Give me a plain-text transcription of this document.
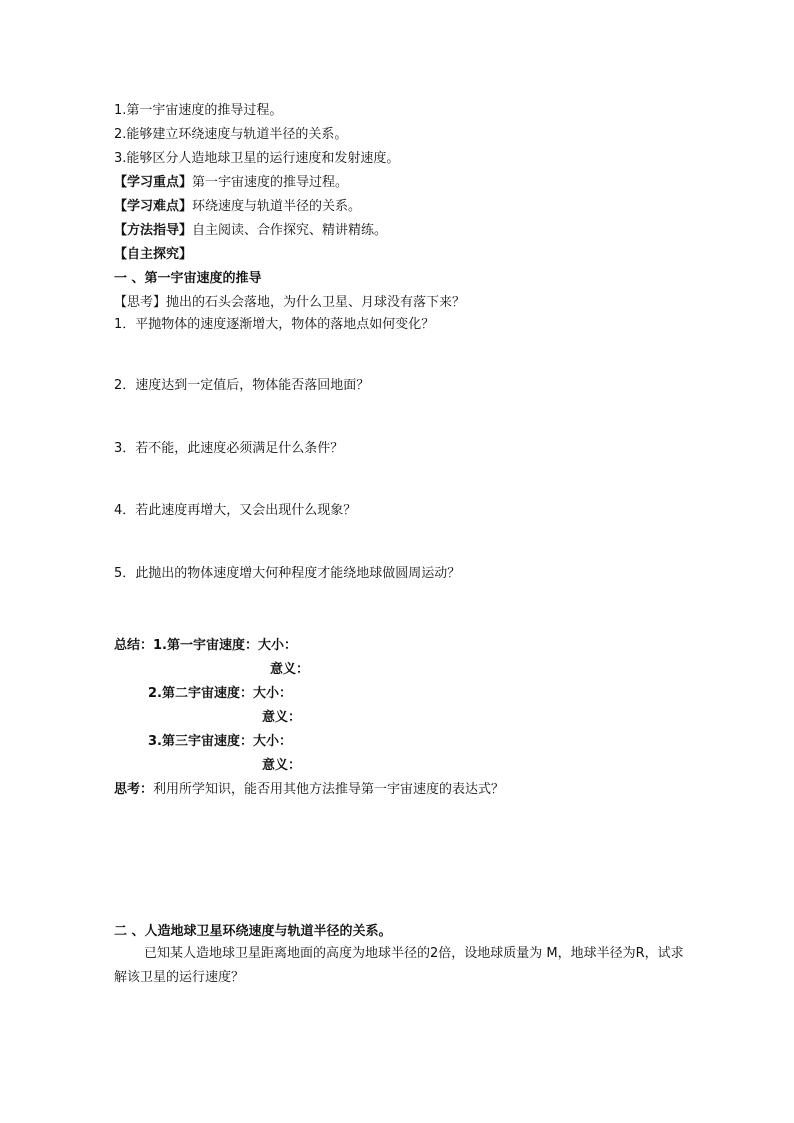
1.第一宇宙速度的推导过程。
2.能够建立环绕速度与轨道半径的关系。
3.能够区分人造地球卫星的运行速度和发射速度。
【学习重点】第一宇宙速度的推导过程。
【学习难点】环绕速度与轨道半径的关系。
【方法指导】自主阅读、合作探究、精讲精练。
【自主探究】
一 、第一宇宙速度的推导
【思考】抛出的石头会落地，为什么卫星、月球没有落下来？
1．平抛物体的速度逐渐增大，物体的落地点如何变化？
2．速度达到一定值后，物体能否落回地面？
3．若不能，此速度必须满足什么条件？
4．若此速度再增大，又会出现什么现象？
5．此抛出的物体速度增大何种程度才能绕地球做圆周运动？
总结：1.第一宇宙速度：大小：
意义：
2.第二宇宙速度：大小：
意义：
3.第三宇宙速度：大小：
意义：
思考：利用所学知识，能否用其他方法推导第一宇宙速度的表达式？
二 、人造地球卫星环绕速度与轨道半径的关系。
已知某人造地球卫星距离地面的高度为地球半径的2倍，设地球质量为 M，地球半径为R，试求解该卫星的运行速度？
